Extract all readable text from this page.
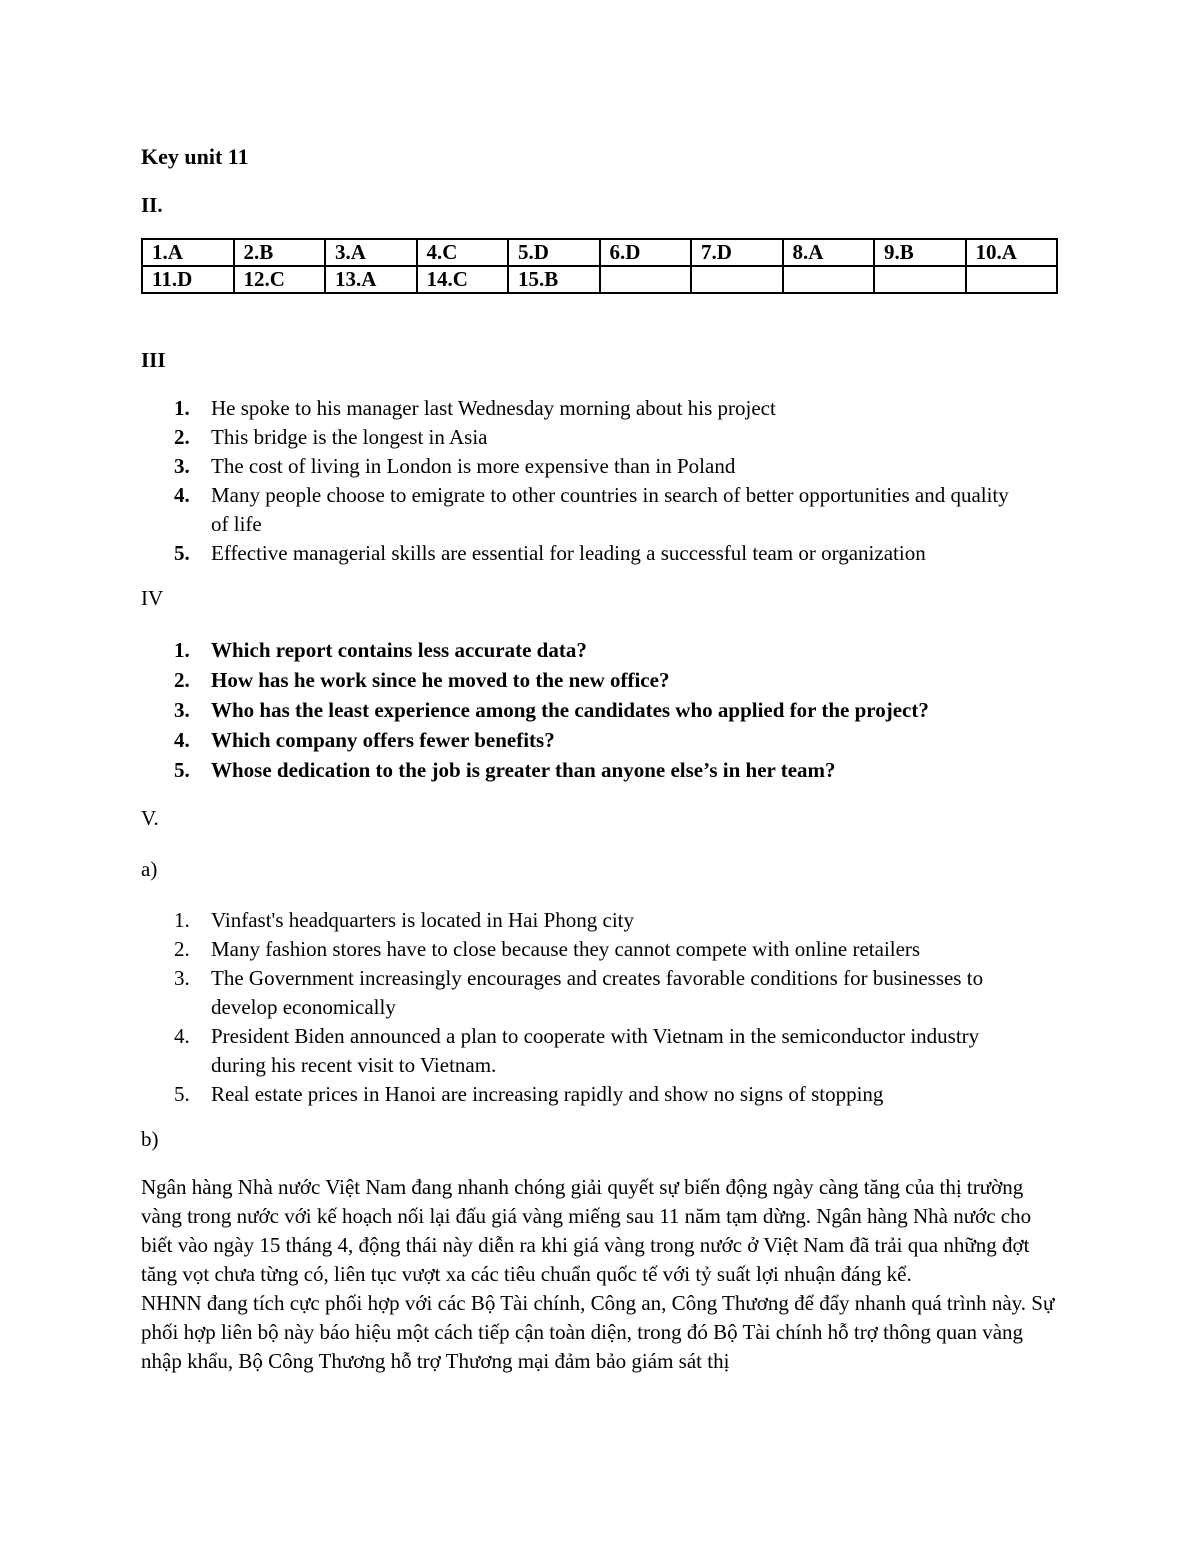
Key unit 11
II.
1.A	2.B	3.A	4.C	5.D	6.D	7.D	8.A	9.B	10.A
11.D	12.C	13.A	14.C	15.B					
III
1. He spoke to his manager last Wednesday morning about his project
2. This bridge is the longest in Asia
3. The cost of living in London is more expensive than in Poland
4. Many people choose to emigrate to other countries in search of better opportunities and quality of life
5. Effective managerial skills are essential for leading a successful team or organization
IV
1. Which report contains less accurate data?
2. How has he work since he moved to the new office?
3. Who has the least experience among the candidates who applied for the project?
4. Which company offers fewer benefits?
5. Whose dedication to the job is greater than anyone else’s in her team?
V.
a)
1. Vinfast's headquarters is located in Hai Phong city
2. Many fashion stores have to close because they cannot compete with online retailers
3. The Government increasingly encourages and creates favorable conditions for businesses to develop economically
4. President Biden announced a plan to cooperate with Vietnam in the semiconductor industry during his recent visit to Vietnam.
5. Real estate prices in Hanoi are increasing rapidly and show no signs of stopping
b)

Ngân hàng Nhà nước Việt Nam đang nhanh chóng giải quyết sự biến động ngày càng tăng của thị trường vàng trong nước với kế hoạch nối lại đấu giá vàng miếng sau 11 năm tạm dừng. Ngân hàng Nhà nước cho biết vào ngày 15 tháng 4, động thái này diễn ra khi giá vàng trong nước ở Việt Nam đã trải qua những đợt tăng vọt chưa từng có, liên tục vượt xa các tiêu chuẩn quốc tế với tỷ suất lợi nhuận đáng kể.

NHNN đang tích cực phối hợp với các Bộ Tài chính, Công an, Công Thương để đẩy nhanh quá trình này. Sự phối hợp liên bộ này báo hiệu một cách tiếp cận toàn diện, trong đó Bộ Tài chính hỗ trợ thông quan vàng nhập khẩu, Bộ Công Thương hỗ trợ Thương mại đảm bảo giám sát thị
